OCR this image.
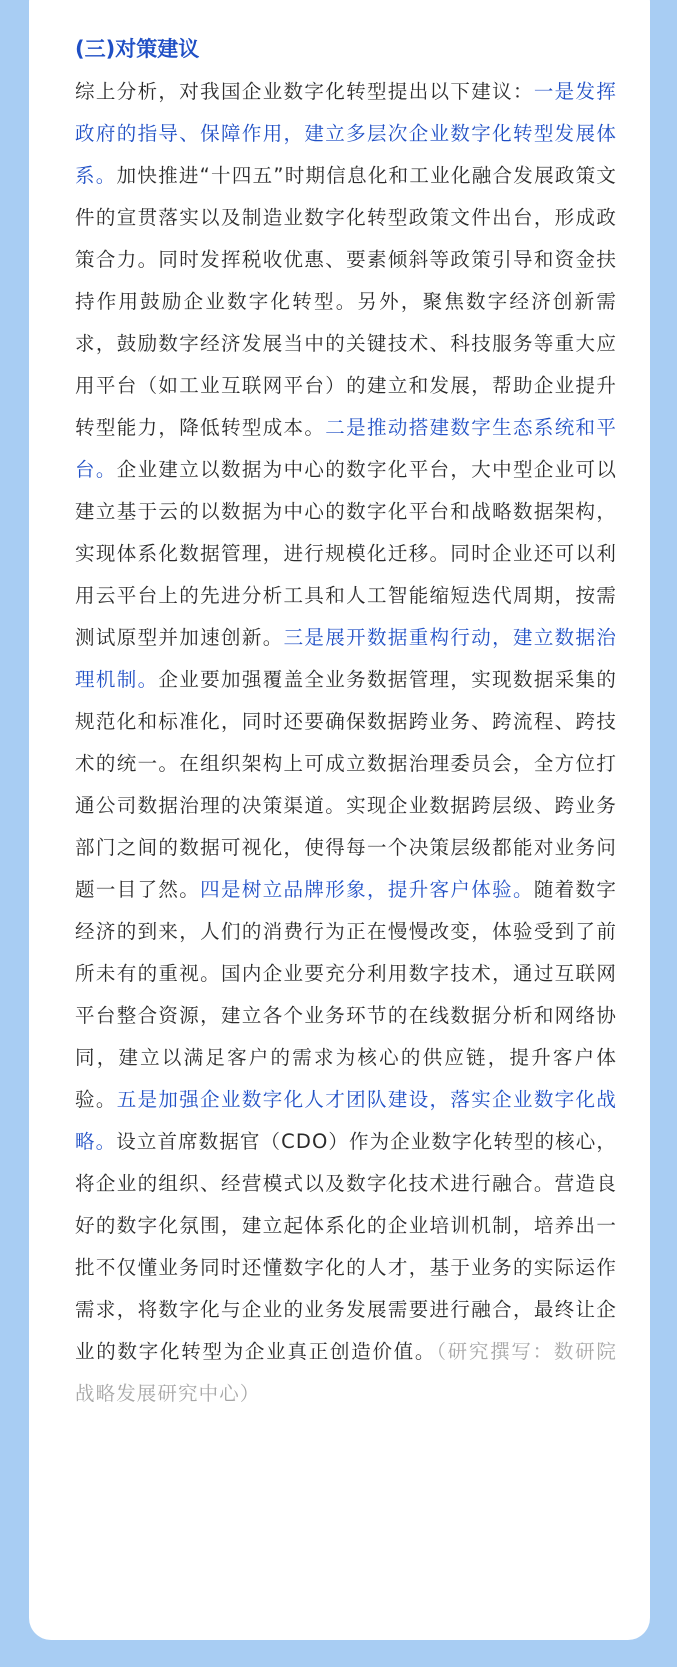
(三)对策建议

综上分析，对我国企业数字化转型提出以下建议：一是发挥政府的指导、保障作用，建立多层次企业数字化转型发展体系。加快推进“十四五”时期信息化和工业化融合发展政策文件的宣贯落实以及制造业数字化转型政策文件出台，形成政策合力。同时发挥税收优惠、要素倾斜等政策引导和资金扶持作用鼓励企业数字化转型。另外，聚焦数字经济创新需求，鼓励数字经济发展当中的关键技术、科技服务等重大应用平台（如工业互联网平台）的建立和发展，帮助企业提升转型能力，降低转型成本。二是推动搭建数字生态系统和平台。企业建立以数据为中心的数字化平台，大中型企业可以建立基于云的以数据为中心的数字化平台和战略数据架构，实现体系化数据管理，进行规模化迁移。同时企业还可以利用云平台上的先进分析工具和人工智能缩短迭代周期，按需测试原型并加速创新。三是展开数据重构行动，建立数据治理机制。企业要加强覆盖全业务数据管理，实现数据采集的规范化和标准化，同时还要确保数据跨业务、跨流程、跨技术的统一。在组织架构上可成立数据治理委员会，全方位打通公司数据治理的决策渠道。实现企业数据跨层级、跨业务部门之间的数据可视化，使得每一个决策层级都能对业务问题一目了然。四是树立品牌形象，提升客户体验。随着数字经济的到来，人们的消费行为正在慢慢改变，体验受到了前所未有的重视。国内企业要充分利用数字技术，通过互联网平台整合资源，建立各个业务环节的在线数据分析和网络协同，建立以满足客户的需求为核心的供应链，提升客户体验。五是加强企业数字化人才团队建设，落实企业数字化战略。设立首席数据官（CDO）作为企业数字化转型的核心，将企业的组织、经营模式以及数字化技术进行融合。营造良好的数字化氛围，建立起体系化的企业培训机制，培养出一批不仅懂业务同时还懂数字化的人才，基于业务的实际运作需求，将数字化与企业的业务发展需要进行融合，最终让企业的数字化转型为企业真正创造价值。（研究撰写：数研院战略发展研究中心）
